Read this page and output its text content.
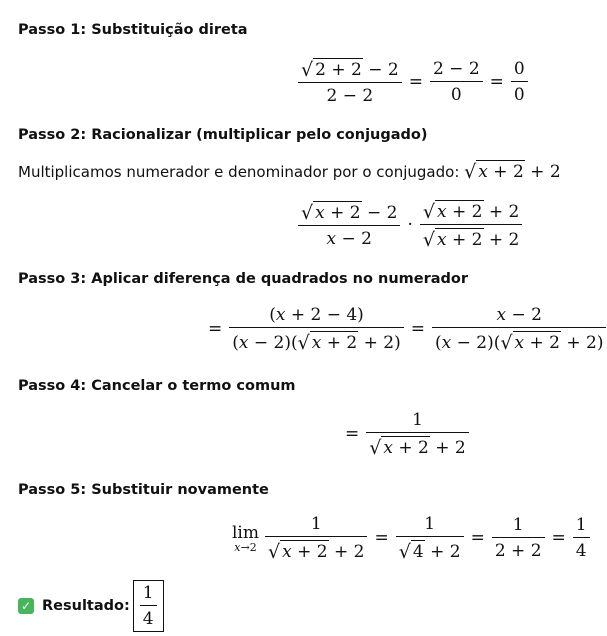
Passo 1: Substituição direta
$\frac{√ 2 + 2 - 2}{2 - 2} = \frac{2 - 2}{0} = \frac{0}{0}$
Passo 2: Racionalizar (multiplicar pelo conjugado)
Multiplicamos numerador e denominador por o conjugado: √ x + 2 + 2
$\frac{√ x + 2 - 2}{x - 2} \cdot \frac{√ x + 2 + 2}{√ x + 2 + 2}$
Passo 3: Aplicar diferença de quadrados no numerador
= $\frac{(x + 2 - 4)}{(x - 2)(√ x + 2 + 2)} = \frac{x - 2}{(x - 2)(√ x + 2 + 2)}$
Passo 4: Cancelar o termo comum
= $\frac{1}{√ x + 2 + 2}$
Passo 5: Substituir novamente
lim
$x\to 2 \frac{1}{√ x + 2 + 2} = \frac{1}{√ 4 + 2} = \frac{1}{2 + 2} = \frac{1}{4}$
✓ Resultado: $\frac{1}{4}$
